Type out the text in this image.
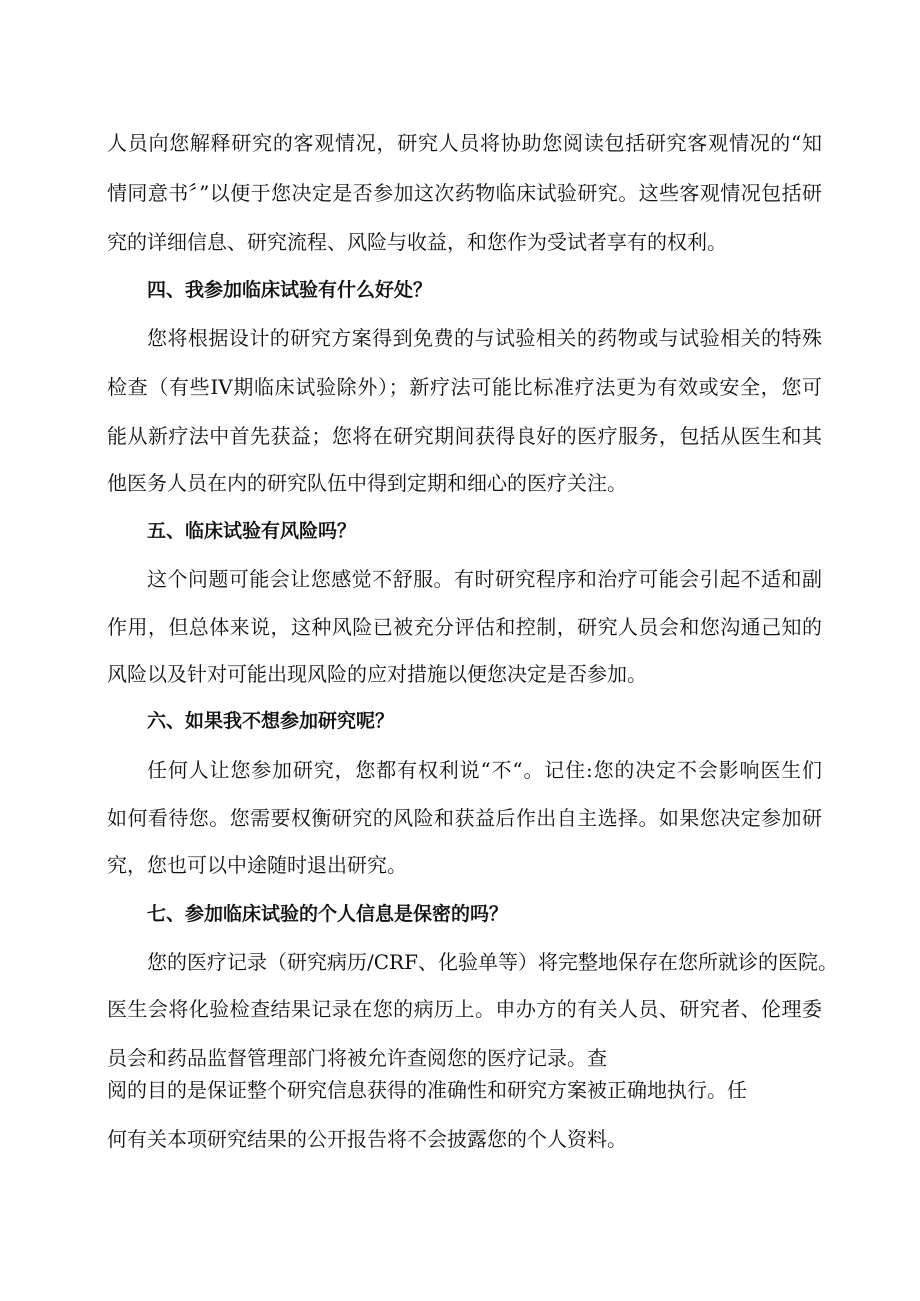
人员向您解释研究的客观情况，研究人员将协助您阅读包括研究客观情况的“知
情同意书〞”以便于您决定是否参加这次药物临床试验研究。这些客观情况包括研
究的详细信息、研究流程、风险与收益，和您作为受试者享有的权利。
四、我参加临床试验有什么好处？
您将根据设计的研究方案得到免费的与试验相关的药物或与试验相关的特殊
检查（有些IV期临床试验除外）；新疗法可能比标准疗法更为有效或安全，您可
能从新疗法中首先获益；您将在研究期间获得良好的医疗服务，包括从医生和其
他医务人员在内的研究队伍中得到定期和细心的医疗关注。
五、临床试验有风险吗？
这个问题可能会让您感觉不舒服。有时研究程序和治疗可能会引起不适和副
作用，但总体来说，这种风险已被充分评估和控制，研究人员会和您沟通己知的
风险以及针对可能出现风险的应对措施以便您决定是否参加。
六、如果我不想参加研究呢？
任何人让您参加研究，您都有权利说“不“。记住:您的决定不会影响医生们
如何看待您。您需要权衡研究的风险和获益后作出自主选择。如果您决定参加研
究，您也可以中途随时退出研究。
七、参加临床试验的个人信息是保密的吗？
您的医疗记录（研究病历/CRF、化验单等）将完整地保存在您所就诊的医院。
医生会将化验检查结果记录在您的病历上。申办方的有关人员、研究者、伦理委
员会和药品监督管理部门将被允许查阅您的医疗记录。查
阅的目的是保证整个研究信息获得的准确性和研究方案被正确地执行。任
何有关本项研究结果的公开报告将不会披露您的个人资料。
